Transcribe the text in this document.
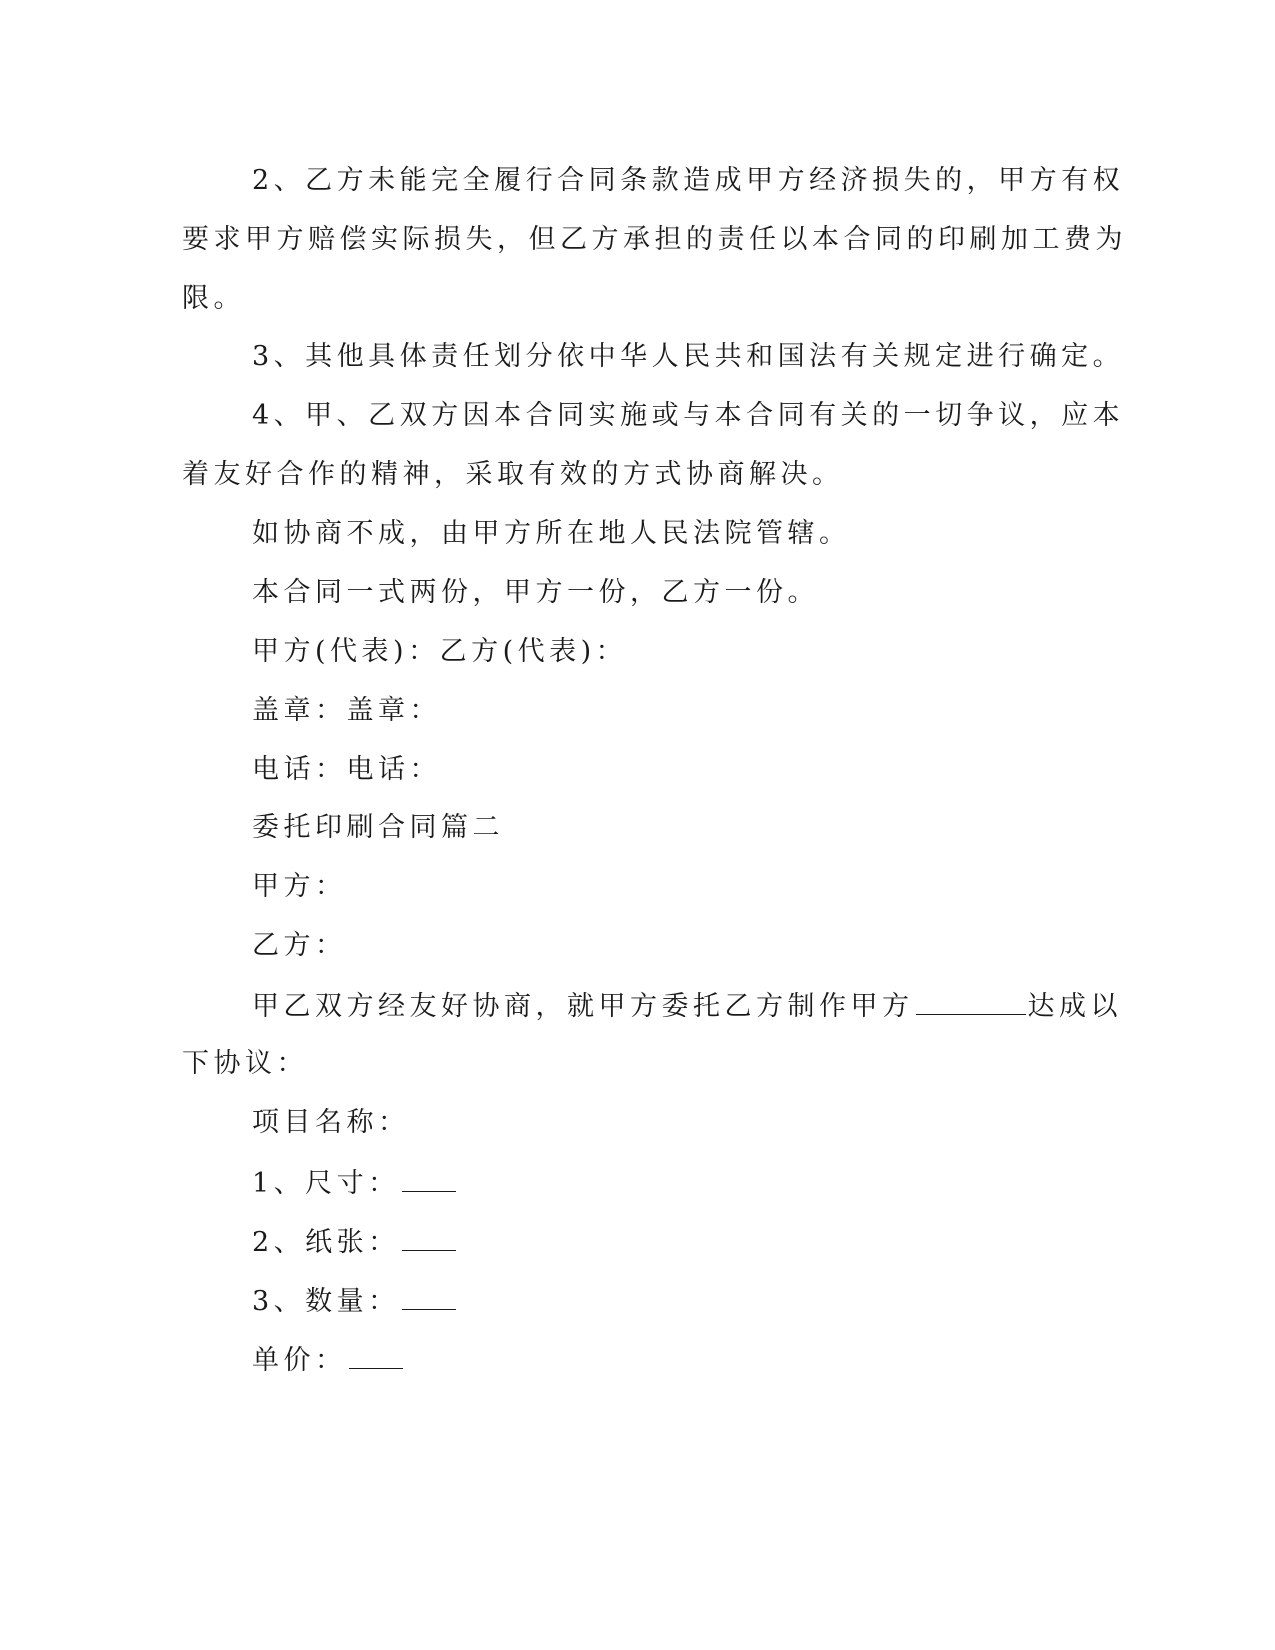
2、乙方未能完全履行合同条款造成甲方经济损失的，甲方有权
要求甲方赔偿实际损失，但乙方承担的责任以本合同的印刷加工费为
限。
3、其他具体责任划分依中华人民共和国法有关规定进行确定。
4、甲、乙双方因本合同实施或与本合同有关的一切争议，应本
着友好合作的精神，采取有效的方式协商解决。
如协商不成，由甲方所在地人民法院管辖。
本合同一式两份，甲方一份，乙方一份。
甲方(代表)：乙方(代表)：
盖章：盖章：
电话：电话：
委托印刷合同篇二
甲方：
乙方：
甲乙双方经友好协商，就甲方委托乙方制作甲方	达成以
下协议：
项目名称：
1、尺寸：
2、纸张：
3、数量：
单价：
